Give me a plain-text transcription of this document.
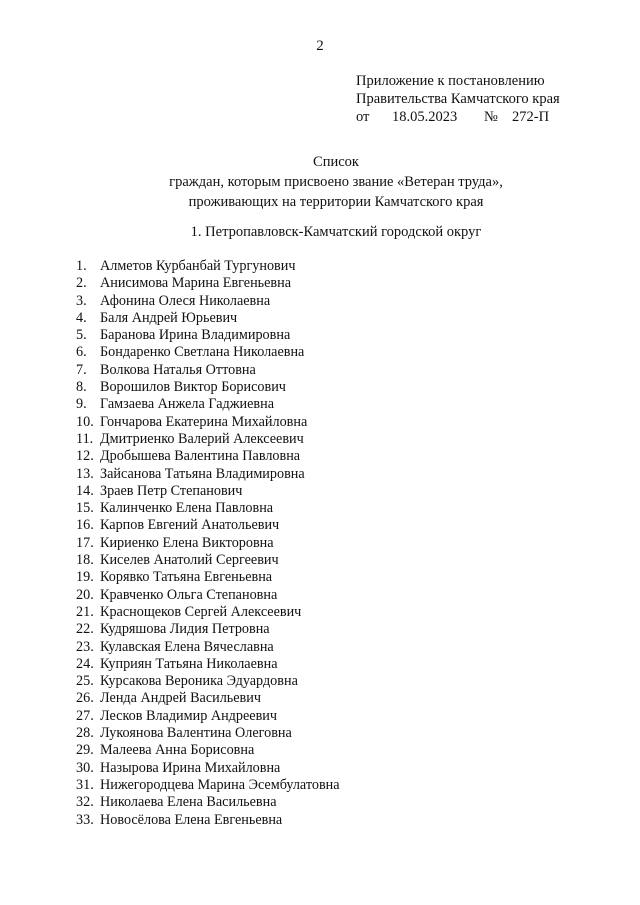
2
Приложение к постановлению
Правительства Камчатского края
от 18.05.2023 № 272-П
Список
граждан, которым присвоено звание «Ветеран труда»,
проживающих на территории Камчатского края
1. Петропавловск-Камчатский городской округ
1. Алметов Курбанбай Тургунович
2. Анисимова Марина Евгеньевна
3. Афонина Олеся Николаевна
4. Баля Андрей Юрьевич
5. Баранова Ирина Владимировна
6. Бондаренко Светлана Николаевна
7. Волкова Наталья Оттовна
8. Ворошилов Виктор Борисович
9. Гамзаева Анжела Гаджиевна
10. Гончарова Екатерина Михайловна
11. Дмитриенко Валерий Алексеевич
12. Дробышева Валентина Павловна
13. Зайсанова Татьяна Владимировна
14. Зраев Петр Степанович
15. Калинченко Елена Павловна
16. Карпов Евгений Анатольевич
17. Кириенко Елена Викторовна
18. Киселев Анатолий Сергеевич
19. Корявко Татьяна Евгеньевна
20. Кравченко Ольга Степановна
21. Краснощеков Сергей Алексеевич
22. Кудряшова Лидия Петровна
23. Кулавская Елена Вячеславна
24. Куприян Татьяна Николаевна
25. Курсакова Вероника Эдуардовна
26. Ленда Андрей Васильевич
27. Лесков Владимир Андреевич
28. Лукоянова Валентина Олеговна
29. Малеева Анна Борисовна
30. Назырова Ирина Михайловна
31. Нижегородцева Марина Эсембулатовна
32. Николаева Елена Васильевна
33. Новосёлова Елена Евгеньевна
